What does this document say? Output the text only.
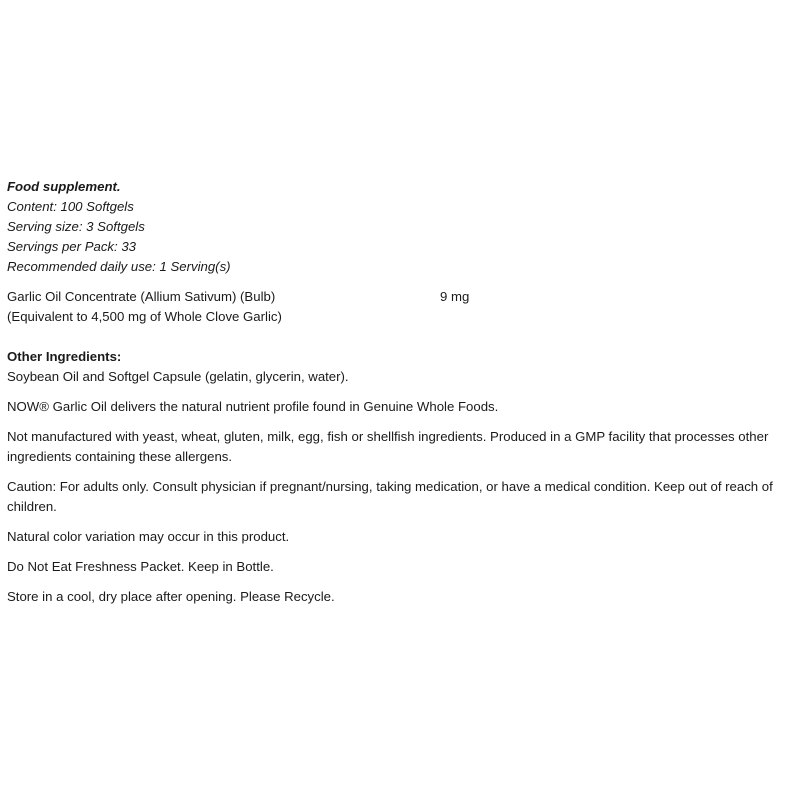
Food supplement.
Content: 100 Softgels
Serving size: 3 Softgels
Servings per Pack: 33
Recommended daily use: 1 Serving(s)
Garlic Oil Concentrate (Allium Sativum) (Bulb)	9 mg
(Equivalent to 4,500 mg of Whole Clove Garlic)
Other Ingredients:
Soybean Oil and Softgel Capsule (gelatin, glycerin, water).
NOW® Garlic Oil delivers the natural nutrient profile found in Genuine Whole Foods.
Not manufactured with yeast, wheat, gluten, milk, egg, fish or shellfish ingredients. Produced in a GMP facility that processes other ingredients containing these allergens.
Caution: For adults only. Consult physician if pregnant/nursing, taking medication, or have a medical condition. Keep out of reach of children.
Natural color variation may occur in this product.
Do Not Eat Freshness Packet. Keep in Bottle.
Store in a cool, dry place after opening. Please Recycle.
